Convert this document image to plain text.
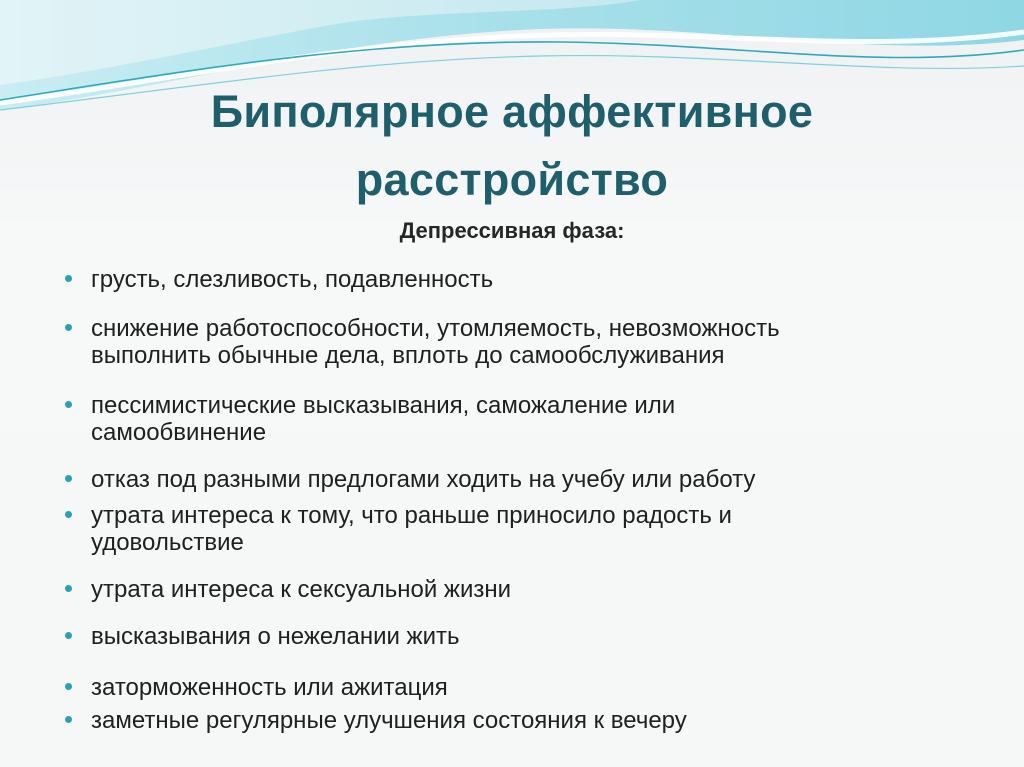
Биполярное аффективное
расстройство
Депрессивная фаза:
грусть, слезливость, подавленность
снижение работоспособности, утомляемость, невозможность
выполнить обычные дела, вплоть до самообслуживания
пессимистические высказывания, саможаление или
самообвинение
отказ под разными предлогами ходить на учебу или работу
утрата интереса к тому, что раньше приносило радость и
удовольствие
утрата интереса к сексуальной жизни
высказывания о нежелании жить
заторможенность или ажитация
заметные регулярные улучшения состояния к вечеру
